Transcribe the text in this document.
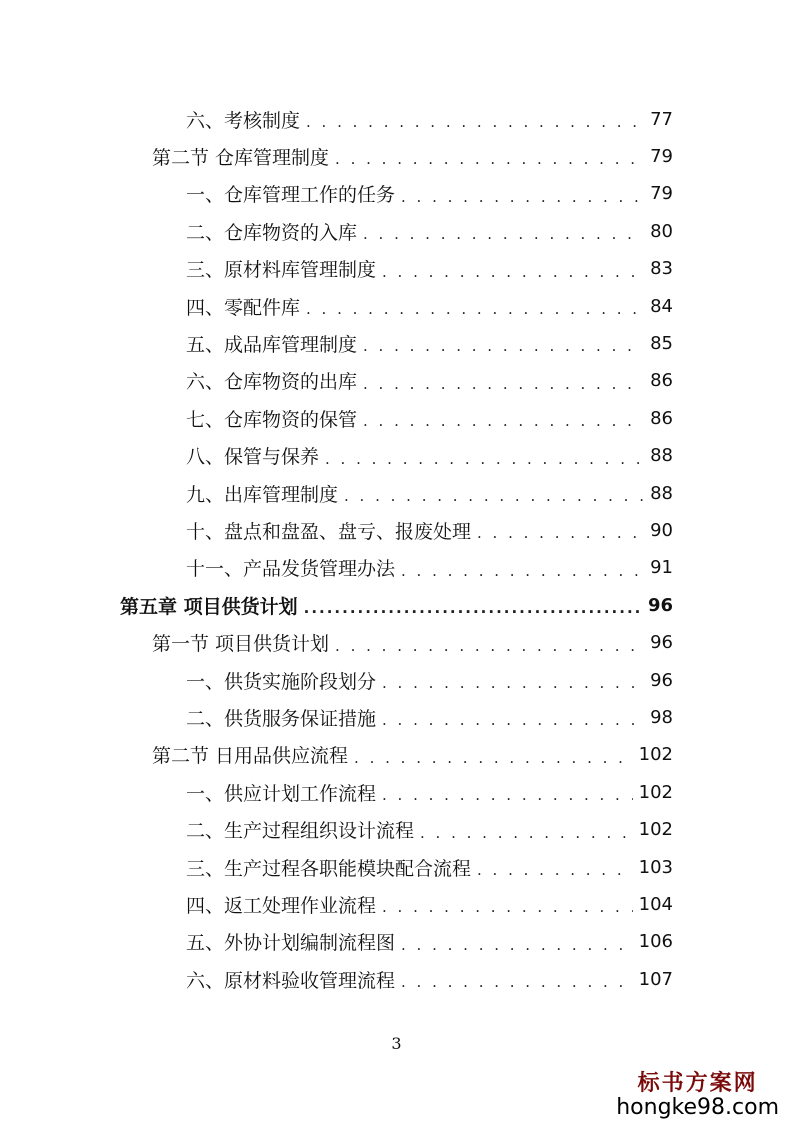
六、考核制度 . . .	77
第二节 仓库管理制度 . . .	79
一、仓库管理工作的任务 . . .	79
二、仓库物资的入库 . . .	80
三、原材料库管理制度 . . .	83
四、零配件库 . . .	84
五、成品库管理制度 . . .	85
六、仓库物资的出库 . . .	86
七、仓库物资的保管 . . .	86
八、保管与保养 . . .	88
九、出库管理制度 . . .	88
十、盘点和盘盈、盘亏、报废处理 . . .	90
十一、产品发货管理办法 . . .	91
第五章 项目供货计划 .....	96
第一节 项目供货计划 . . .	96
一、供货实施阶段划分 . . .	96
二、供货服务保证措施 . . .	98
第二节 日用品供应流程 . . .	102
一、供应计划工作流程 . . .	102
二、生产过程组织设计流程 . . .	102
三、生产过程各职能模块配合流程 . . .	103
四、返工处理作业流程 . . .	104
五、外协计划编制流程图 . . .	106
六、原材料验收管理流程 . . .	107
3
标书方案网
hongke98.com
